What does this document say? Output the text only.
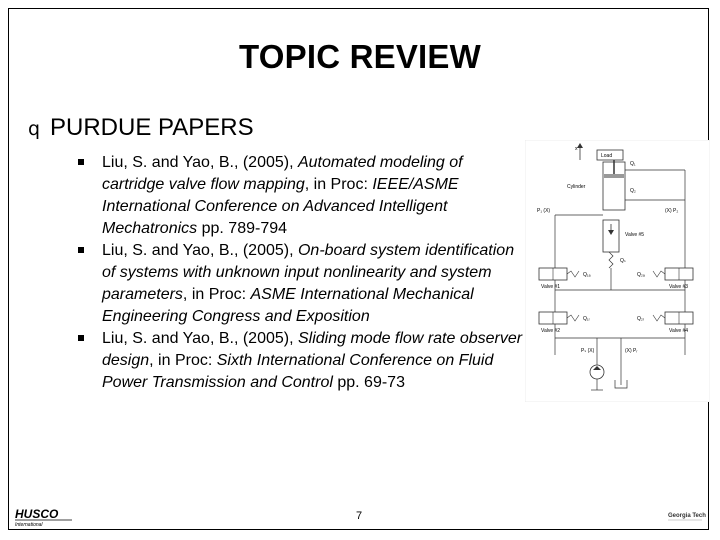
TOPIC REVIEW
q PURDUE PAPERS
Liu, S. and Yao, B., (2005), Automated modeling of cartridge valve flow mapping, in Proc: IEEE/ASME International Conference on Advanced Intelligent Mechatronics pp. 789-794
Liu, S. and Yao, B., (2005), On-board system identification of systems with unknown input nonlinearity and system parameters, in Proc: ASME International Mechanical Engineering Congress and Exposition
Liu, S. and Yao, B., (2005), Sliding mode flow rate observer design, in Proc: Sixth International Conference on Fluid Power Transmission and Control pp. 69-73
x
Load
Q₁
Cylinder
Q₂
P₁ (X)	(X) P₂
Valve #5
Qₛ
Valve #1
Q₁ₐ
Valve #3
Q₂ₐ
Valve #2
Q₁ᵣ
Valve #4
Q₂ᵣ
Pₛ (X)	(X) Pᵣ
HUSCO
International
7	Georgia Tech
